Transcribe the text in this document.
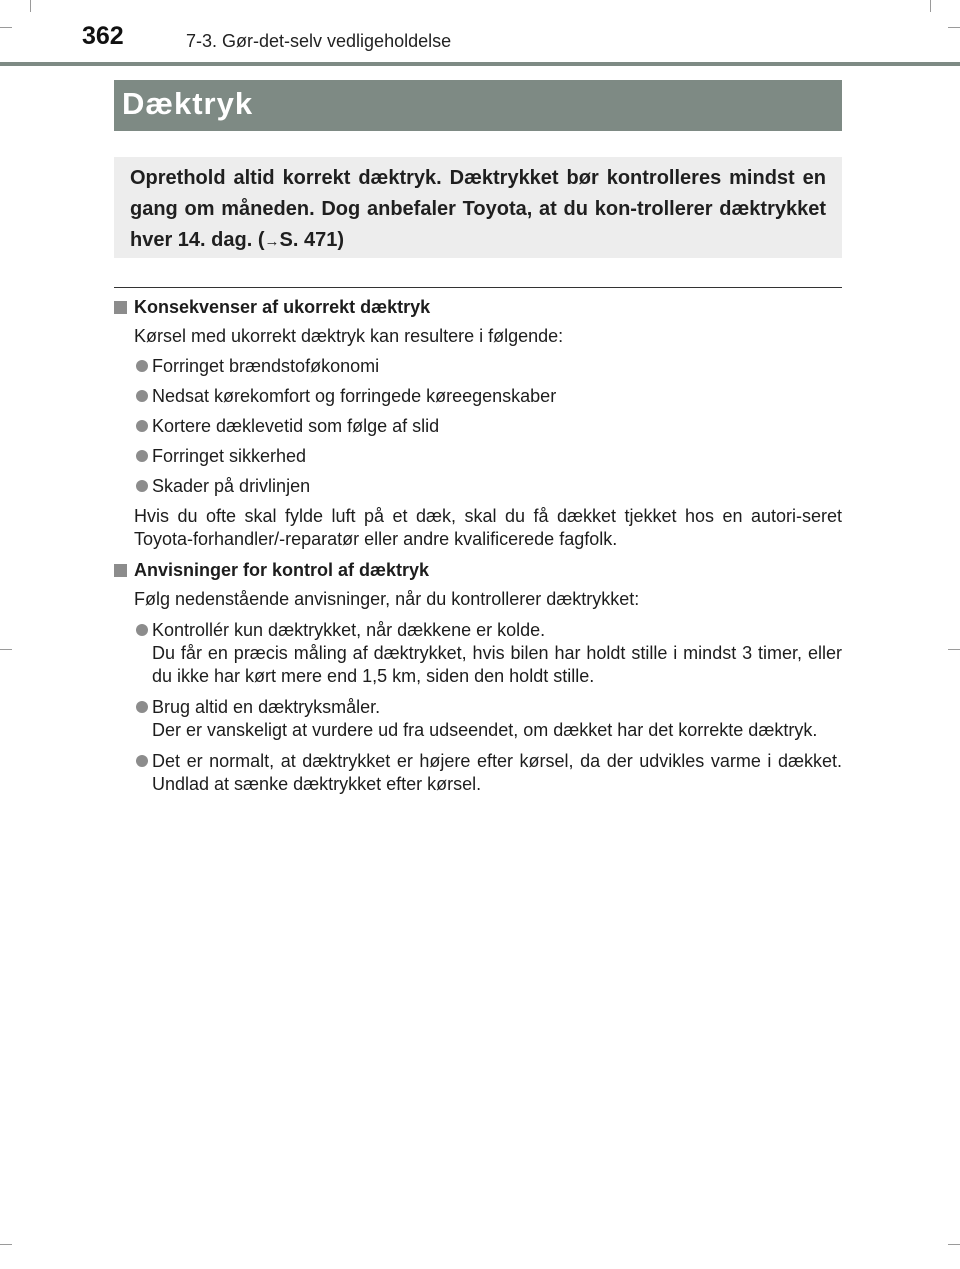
362	7-3. Gør-det-selv vedligeholdelse
Dæktryk

Oprethold altid korrekt dæktryk. Dæktrykket bør kontrolleres mindst en gang om måneden. Dog anbefaler Toyota, at du kon-trollerer dæktrykket hver 14. dag. (→S. 471)

Konsekvenser af ukorrekt dæktryk

Kørsel med ukorrekt dæktryk kan resultere i følgende:

Forringet brændstoføkonomi

Nedsat kørekomfort og forringede køreegenskaber

Kortere dæklevetid som følge af slid

Forringet sikkerhed

Skader på drivlinjen

Hvis du ofte skal fylde luft på et dæk, skal du få dækket tjekket hos en autori-seret Toyota-forhandler/-reparatør eller andre kvalificerede fagfolk.

Anvisninger for kontrol af dæktryk

Følg nedenstående anvisninger, når du kontrollerer dæktrykket:

Kontrollér kun dæktrykket, når dækkene er kolde.
Du får en præcis måling af dæktrykket, hvis bilen har holdt stille i mindst 3 timer, eller du ikke har kørt mere end 1,5 km, siden den holdt stille.

Brug altid en dæktryksmåler.
Der er vanskeligt at vurdere ud fra udseendet, om dækket har det korrekte dæktryk.

Det er normalt, at dæktrykket er højere efter kørsel, da der udvikles varme i dækket. Undlad at sænke dæktrykket efter kørsel.
